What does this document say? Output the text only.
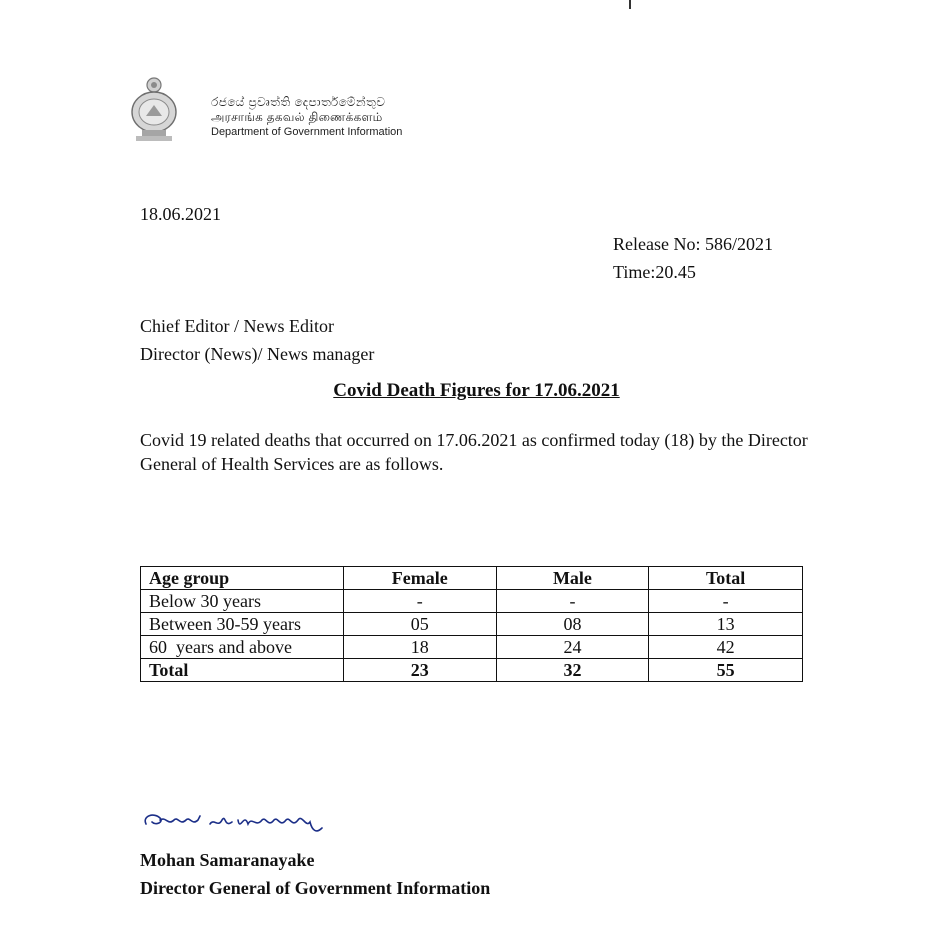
රජයේ ප්‍රවෘත්ති දෙපාර්තමේන්තුව
அரசாங்க தகவல் திணைக்களம்
Department of Government Information
18.06.2021
Release No: 586/2021
Time:20.45
Chief Editor / News Editor
Director (News)/ News manager
Covid Death Figures for 17.06.2021
Covid 19 related deaths that occurred on 17.06.2021 as confirmed today (18) by the Director General of Health Services are as follows.
Age group	Female	Male	Total
Below 30 years	-	-	-
Between 30-59 years	05	08	13
60  years and above	18	24	42
Total	23	32	55
Mohan Samaranayake
Director General of Government Information
